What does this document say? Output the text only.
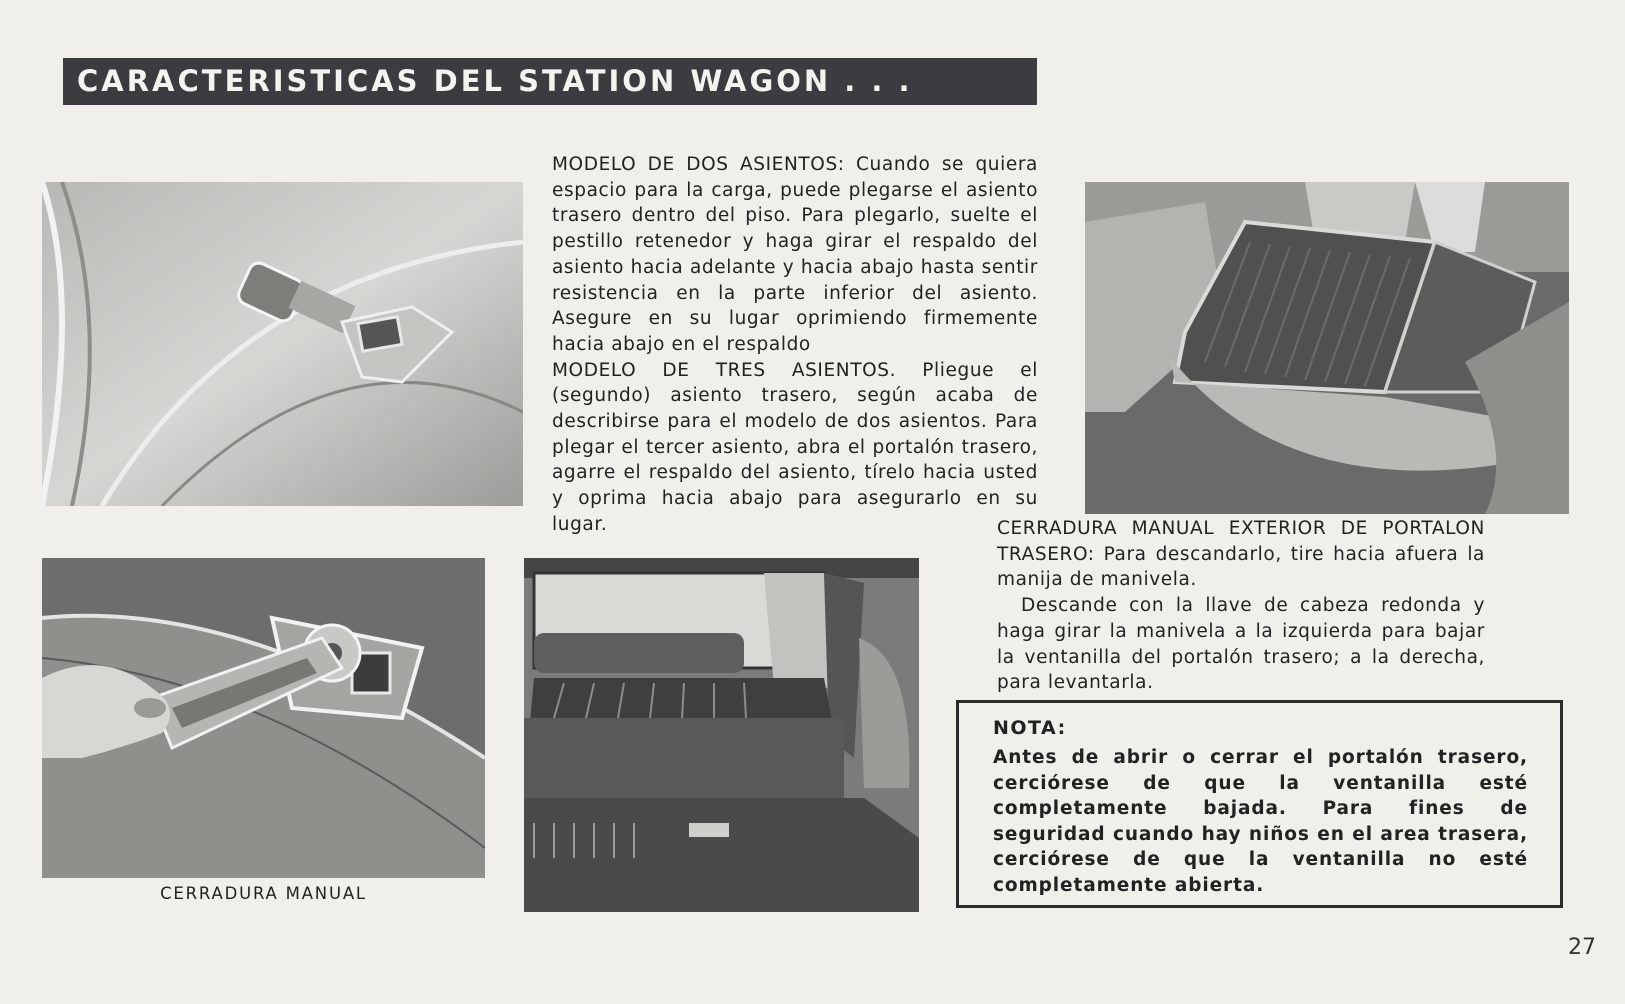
CARACTERISTICAS DEL STATION WAGON . . .

MODELO DE DOS ASIENTOS: Cuando se quiera espacio para la carga, puede plegarse el asiento trasero dentro del piso. Para plegarlo, suelte el pestillo retenedor y haga girar el respaldo del asiento hacia adelante y hacia abajo hasta sentir resistencia en la parte inferior del asiento. Asegure en su lugar oprimiendo firmemente hacia abajo en el respaldo

MODELO DE TRES ASIENTOS. Pliegue el (segundo) asiento trasero, según acaba de describirse para el modelo de dos asientos. Para plegar el tercer asiento, abra el portalón trasero, agarre el respaldo del asiento, tírelo hacia usted y oprima hacia abajo para asegurarlo en su lugar.	CERRADURA MANUAL EXTERIOR DE PORTALON TRASERO: Para descandarlo, tire hacia afuera la manija de manivela.

Descande con la llave de cabeza redonda y haga girar la manivela a la izquierda para bajar la ventanilla del portalón trasero; a la derecha, para levantarla.

CERRADURA MANUAL
NOTA:
Antes de abrir o cerrar el portalón trasero, cerciórese de que la ventanilla esté completamente bajada. Para fines de seguridad cuando hay niños en el area trasera, cerciórese de que la ventanilla no esté completamente abierta.
27
